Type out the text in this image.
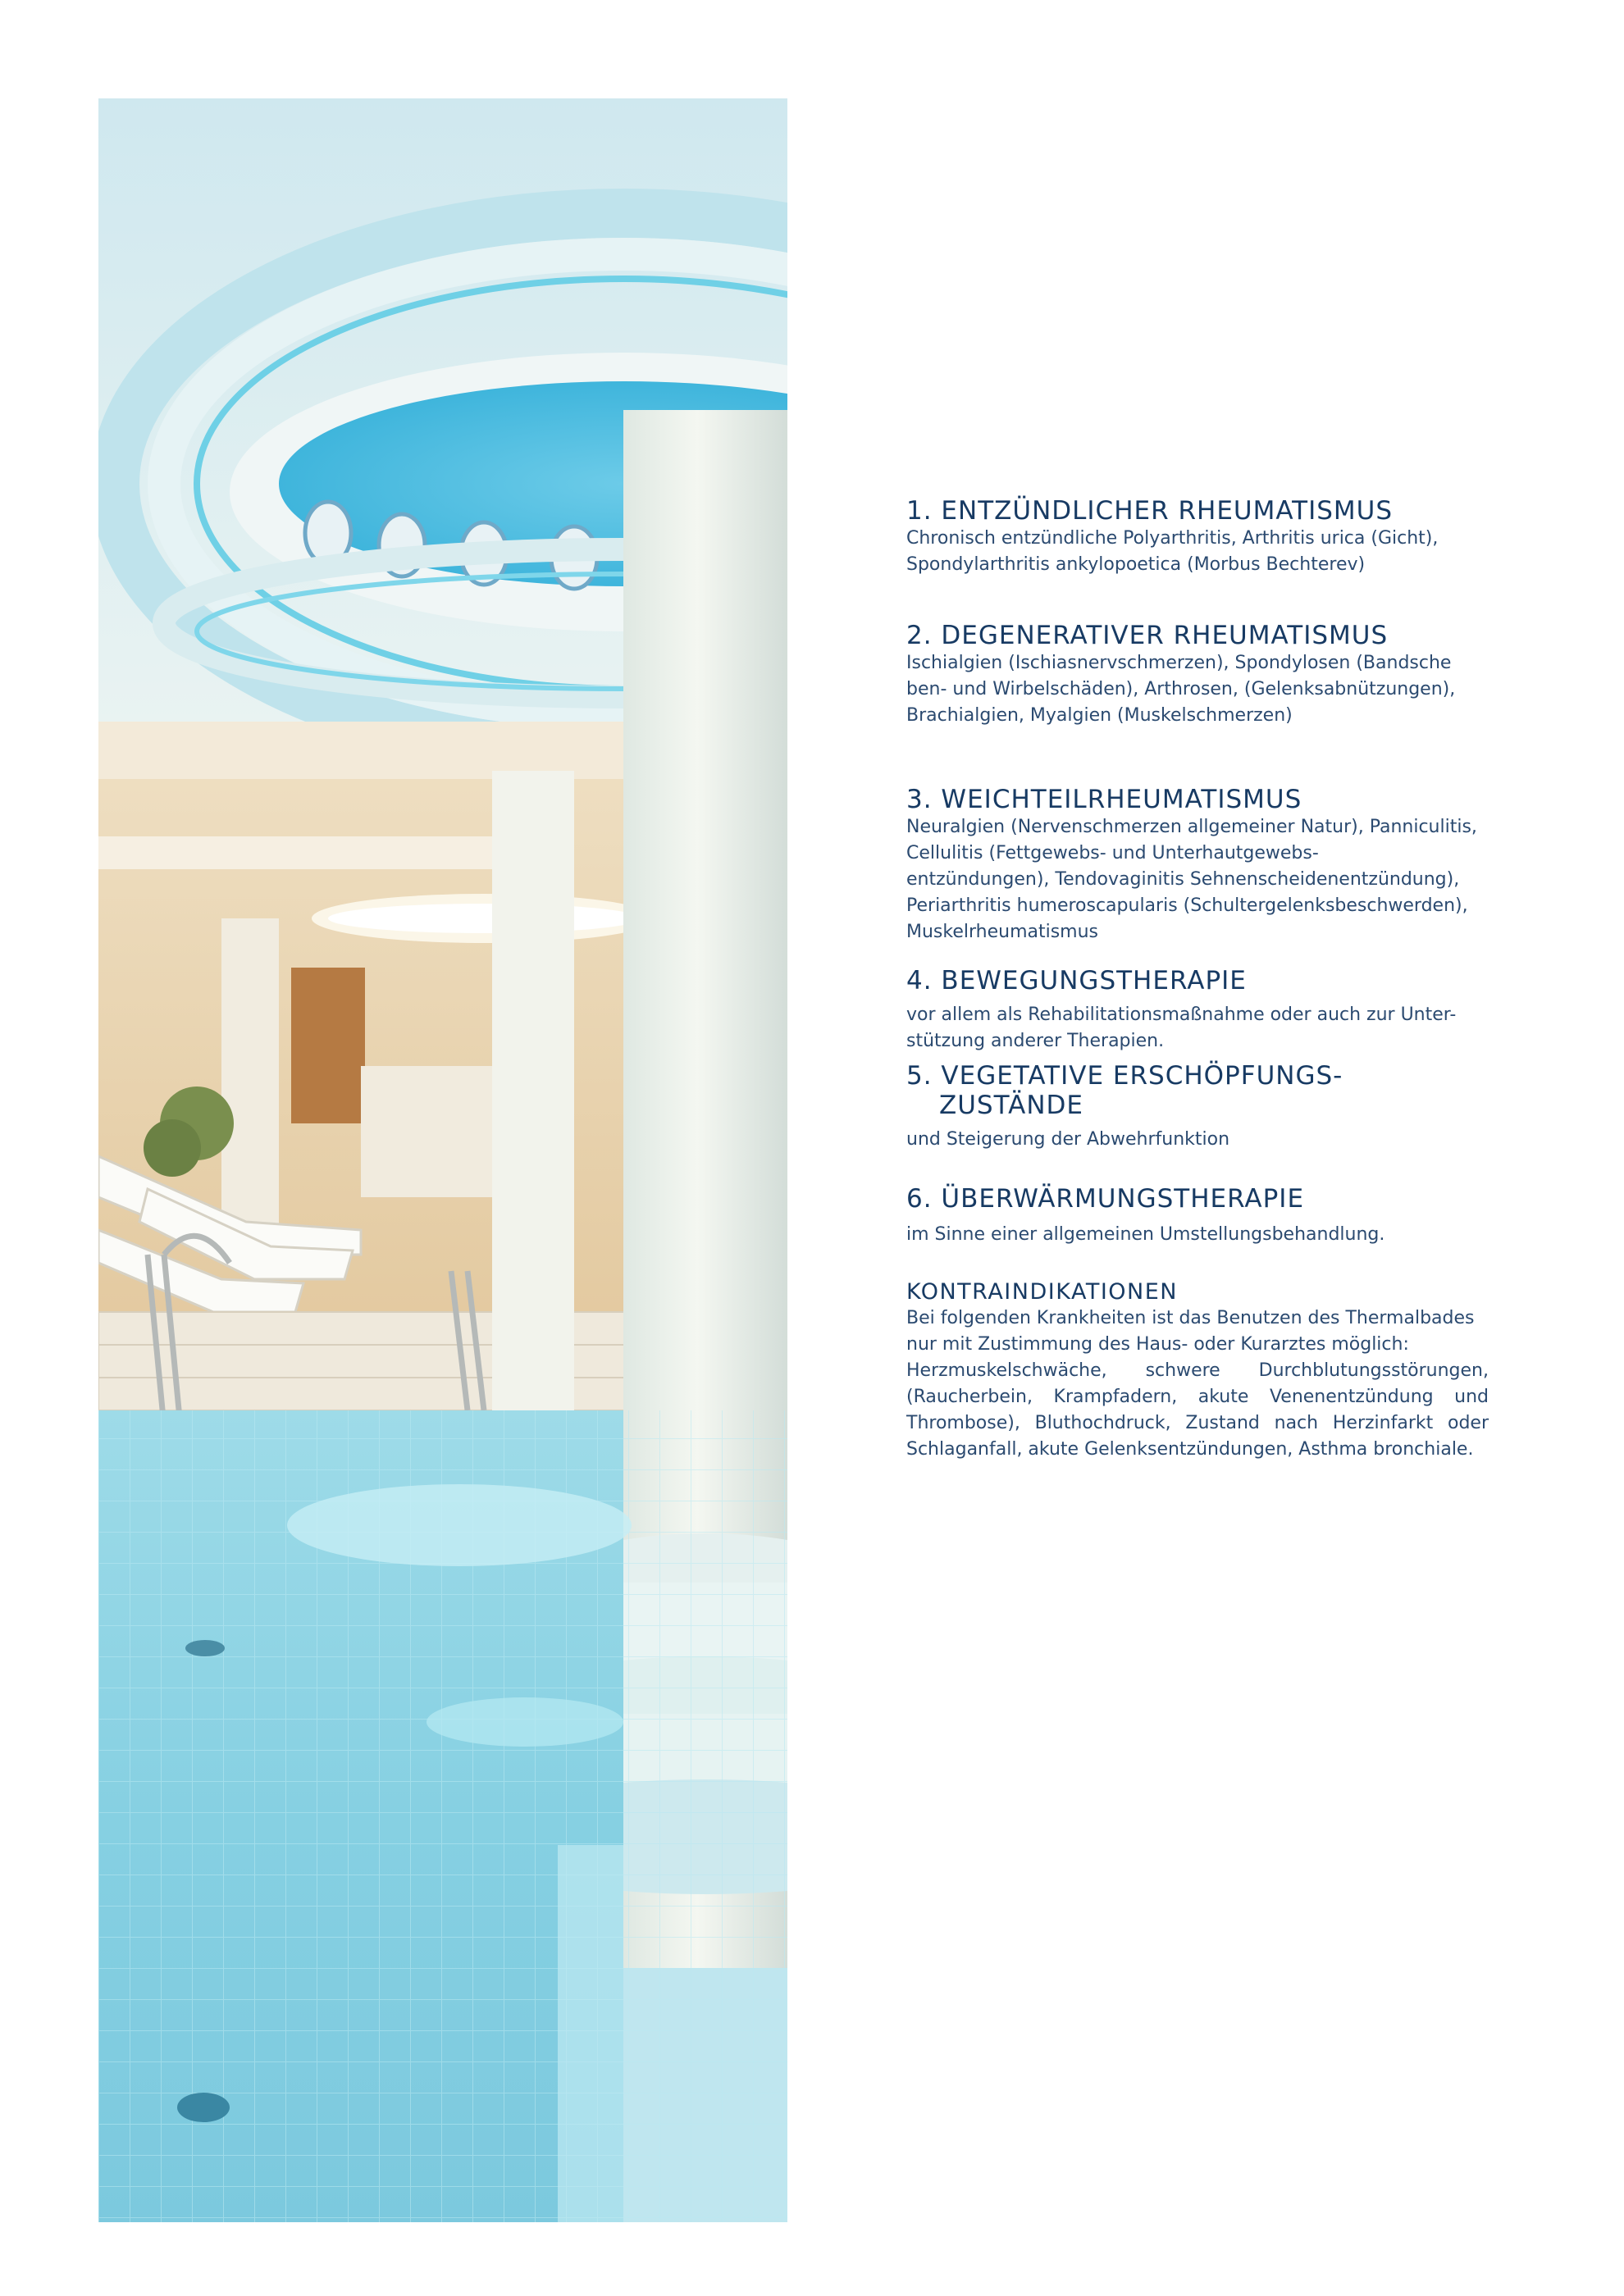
1. ENTZÜNDLICHER RHEUMATISMUS

Chronisch entzündliche Polyarthritis, Arthritis urica (Gicht),
Spondylarthritis ankylopoetica (Morbus Bechterev)

2. DEGENERATIVER RHEUMATISMUS

Ischialgien (Ischiasnervschmerzen), Spondylosen (Bandsche
ben- und Wirbelschäden), Arthrosen, (Gelenksabnützungen),
Brachialgien, Myalgien (Muskelschmerzen)

3. WEICHTEILRHEUMATISMUS

Neuralgien (Nervenschmerzen allgemeiner Natur), Panniculitis,
Cellulitis (Fettgewebs- und Unterhautgewebs-
entzündungen), Tendovaginitis Sehnenscheidenentzündung),
Periarthritis humeroscapularis (Schultergelenksbeschwerden),
Muskelrheumatismus

4. BEWEGUNGSTHERAPIE

vor allem als Rehabilitationsmaßnahme oder auch zur Unter-
stützung anderer Therapien.

5. VEGETATIVE ERSCHÖPFUNGS-
ZUSTÄNDE

und Steigerung der Abwehrfunktion

6. ÜBERWÄRMUNGSTHERAPIE

im Sinne einer allgemeinen Umstellungsbehandlung.

KONTRAINDIKATIONEN

Bei folgenden Krankheiten ist das Benutzen des Thermalbades
nur mit Zustimmung des Haus- oder Kurarztes möglich:

Herzmuskelschwäche, schwere Durchblutungsstörungen,
(Raucherbein, Krampfadern, akute Venenentzündung und
Thrombose), Bluthochdruck, Zustand nach Herzinfarkt oder
Schlaganfall, akute Gelenksentzündungen, Asthma bronchiale.
